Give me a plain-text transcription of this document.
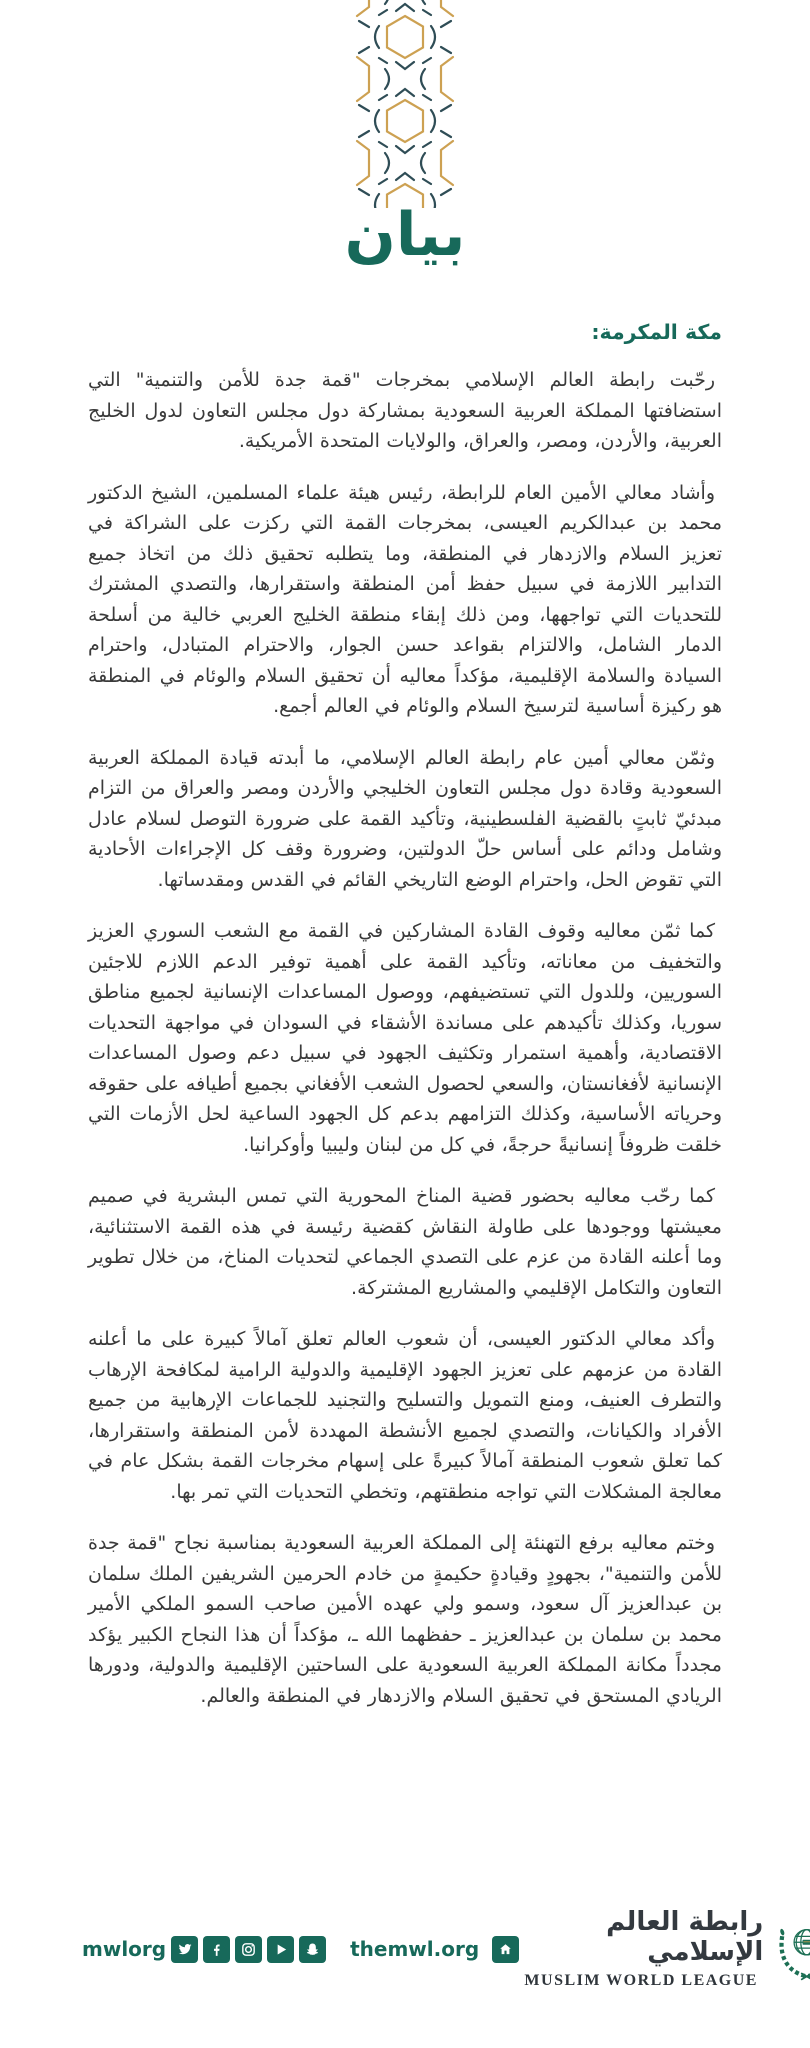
بيان

مكة المكرمة:

رحّبت رابطة العالم الإسلامي بمخرجات "قمة جدة للأمن والتنمية" التي استضافتها المملكة العربية السعودية بمشاركة دول مجلس التعاون لدول الخليج العربية، والأردن، ومصر، والعراق، والولايات المتحدة الأمريكية.

وأشاد معالي الأمين العام للرابطة، رئيس هيئة علماء المسلمين، الشيخ الدكتور محمد بن عبدالكريم العيسى، بمخرجات القمة التي ركزت على الشراكة في تعزيز السلام والازدهار في المنطقة، وما يتطلبه تحقيق ذلك من اتخاذ جميع التدابير اللازمة في سبيل حفظ أمن المنطقة واستقرارها، والتصدي المشترك للتحديات التي تواجهها، ومن ذلك إبقاء منطقة الخليج العربي خالية من أسلحة الدمار الشامل، والالتزام بقواعد حسن الجوار، والاحترام المتبادل، واحترام السيادة والسلامة الإقليمية، مؤكداً معاليه أن تحقيق السلام والوئام في المنطقة هو ركيزة أساسية لترسيخ السلام والوئام في العالم أجمع.

وثمّن معالي أمين عام رابطة العالم الإسلامي، ما أبدته قيادة المملكة العربية السعودية وقادة دول مجلس التعاون الخليجي والأردن ومصر والعراق من التزام مبدئيّ ثابتٍ بالقضية الفلسطينية، وتأكيد القمة على ضرورة التوصل لسلام عادل وشامل ودائم على أساس حلّ الدولتين، وضرورة وقف كل الإجراءات الأحادية التي تقوض الحل، واحترام الوضع التاريخي القائم في القدس ومقدساتها.

كما ثمّن معاليه وقوف القادة المشاركين في القمة مع الشعب السوري العزيز والتخفيف من معاناته، وتأكيد القمة على أهمية توفير الدعم اللازم للاجئين السوريين، وللدول التي تستضيفهم، ووصول المساعدات الإنسانية لجميع مناطق سوريا، وكذلك تأكيدهم على مساندة الأشقاء في السودان في مواجهة التحديات الاقتصادية، وأهمية استمرار وتكثيف الجهود في سبيل دعم وصول المساعدات الإنسانية لأفغانستان، والسعي لحصول الشعب الأفغاني بجميع أطيافه على حقوقه وحرياته الأساسية، وكذلك التزامهم بدعم كل الجهود الساعية لحل الأزمات التي خلقت ظروفاً إنسانيةً حرجةً، في كل من لبنان وليبيا وأوكرانيا.

كما رحّب معاليه بحضور قضية المناخ المحورية التي تمس البشرية في صميم معيشتها ووجودها على طاولة النقاش كقضية رئيسة في هذه القمة الاستثنائية، وما أعلنه القادة من عزم على التصدي الجماعي لتحديات المناخ، من خلال تطوير التعاون والتكامل الإقليمي والمشاريع المشتركة.

وأكد معالي الدكتور العيسى، أن شعوب العالم تعلق آمالاً كبيرة على ما أعلنه القادة من عزمهم على تعزيز الجهود الإقليمية والدولية الرامية لمكافحة الإرهاب والتطرف العنيف، ومنع التمويل والتسليح والتجنيد للجماعات الإرهابية من جميع الأفراد والكيانات، والتصدي لجميع الأنشطة المهددة لأمن المنطقة واستقرارها، كما تعلق شعوب المنطقة آمالاً كبيرةً على إسهام مخرجات القمة بشكل عام في معالجة المشكلات التي تواجه منطقتهم، وتخطي التحديات التي تمر بها.

وختم معاليه برفع التهنئة إلى المملكة العربية السعودية بمناسبة نجاح "قمة جدة للأمن والتنمية"، بجهودٍ وقيادةٍ حكيمةٍ من خادم الحرمين الشريفين الملك سلمان بن عبدالعزيز آل سعود، وسمو ولي عهده الأمين صاحب السمو الملكي الأمير محمد بن سلمان بن عبدالعزيز ـ حفظهما الله ـ، مؤكداً أن هذا النجاح الكبير يؤكد مجدداً مكانة المملكة العربية السعودية على الساحتين الإقليمية والدولية، ودورها الريادي المستحق في تحقيق السلام والازدهار في المنطقة والعالم.

mwlorg	themwl.org
رابطة العالم الإسلامي
MUSLIM WORLD LEAGUE
